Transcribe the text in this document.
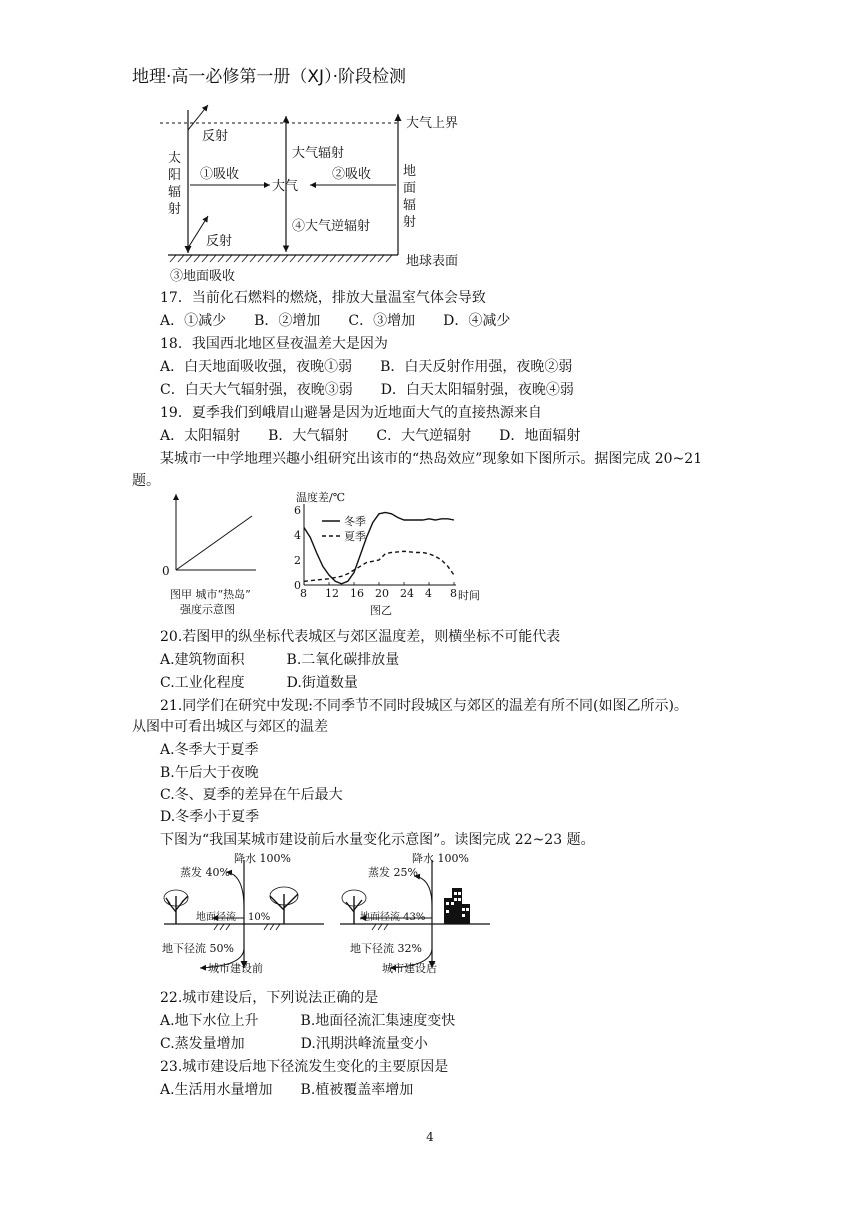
地理·高一必修第一册（XJ）·阶段检测
大气上界
地球表面
反射
反射
①吸收	②吸收
大气
大气辐射
④大气逆辐射
③地面吸收
太阳 辐射
地面 辐射
17．当前化石燃料的燃烧，排放大量温室气体会导致
A．①减少　　B．②增加　　C．③增加　　D．④减少
18．我国西北地区昼夜温差大是因为
A．白天地面吸收强，夜晚①弱　　B．白天反射作用强，夜晚②弱
C．白天大气辐射强，夜晚③弱　　D．白天太阳辐射强，夜晚④弱
19．夏季我们到峨眉山避暑是因为近地面大气的直接热源来自
A．太阳辐射　　B．大气辐射　　C．大气逆辐射　　D．地面辐射
某城市一中学地理兴趣小组研究出该市的“热岛效应”现象如下图所示。据图完成 20~21
题。
0
图甲 城市“热岛”
强度示意图
温度差/℃
时间
图乙
冬季
夏季
8 12 16 20 24 4 8
0
2
4
6
20.若图甲的纵坐标代表城区与郊区温度差，则横坐标不可能代表
A.建筑物面积　　　B.二氧化碳排放量
C.工业化程度　　　D.街道数量
21.同学们在研究中发现:不同季节不同时段城区与郊区的温差有所不同(如图乙所示)。
从图中可看出城区与郊区的温差
A.冬季大于夏季
B.午后大于夜晚
C.冬、夏季的差异在午后最大
D.冬季小于夏季
下图为“我国某城市建设前后水量变化示意图”。读图完成 22~23 题。
降水 100%
蒸发 40%
地面径流 10%
地下径流 50%
城市建设前
降水 100%
蒸发 25%
地面径流 43%
地下径流 32%
城市建设后
22.城市建设后，下列说法正确的是
A.地下水位上升　　　B.地面径流汇集速度变快
C.蒸发量增加　　　　D.汛期洪峰流量变小
23.城市建设后地下径流发生变化的主要原因是
A.生活用水量增加　　B.植被覆盖率增加
4
